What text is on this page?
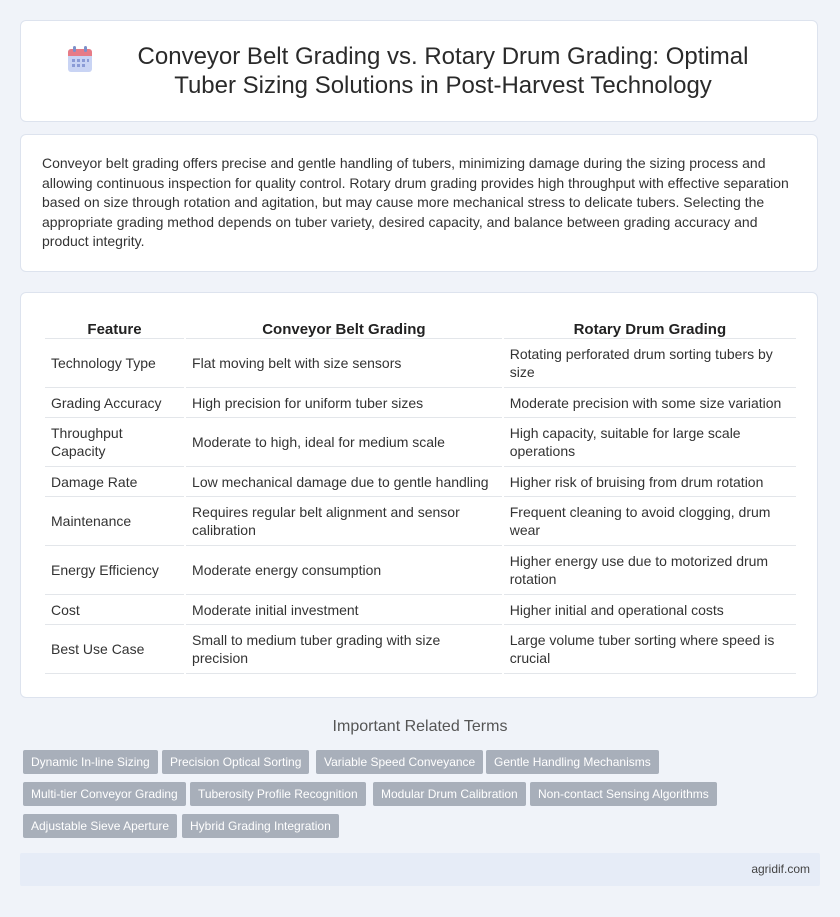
Conveyor Belt Grading vs. Rotary Drum Grading: Optimal Tuber Sizing Solutions in Post-Harvest Technology

Conveyor belt grading offers precise and gentle handling of tubers, minimizing damage during the sizing process and allowing continuous inspection for quality control. Rotary drum grading provides high throughput with effective separation based on size through rotation and agitation, but may cause more mechanical stress to delicate tubers. Selecting the appropriate grading method depends on tuber variety, desired capacity, and balance between grading accuracy and product integrity.

Feature	Conveyor Belt Grading	Rotary Drum Grading
Technology Type	Flat moving belt with size sensors	Rotating perforated drum sorting tubers by size
Grading Accuracy	High precision for uniform tuber sizes	Moderate precision with some size variation
Throughput Capacity	Moderate to high, ideal for medium scale	High capacity, suitable for large scale operations
Damage Rate	Low mechanical damage due to gentle handling	Higher risk of bruising from drum rotation
Maintenance	Requires regular belt alignment and sensor calibration	Frequent cleaning to avoid clogging, drum wear
Energy Efficiency	Moderate energy consumption	Higher energy use due to motorized drum rotation
Cost	Moderate initial investment	Higher initial and operational costs
Best Use Case	Small to medium tuber grading with size precision	Large volume tuber sorting where speed is crucial
Important Related Terms
Dynamic In-line Sizing	Precision Optical Sorting	Variable Speed Conveyance	Gentle Handling Mechanisms
Multi-tier Conveyor Grading	Tuberosity Profile Recognition	Modular Drum Calibration	Non-contact Sensing Algorithms
Adjustable Sieve Aperture	Hybrid Grading Integration
agridif.com
